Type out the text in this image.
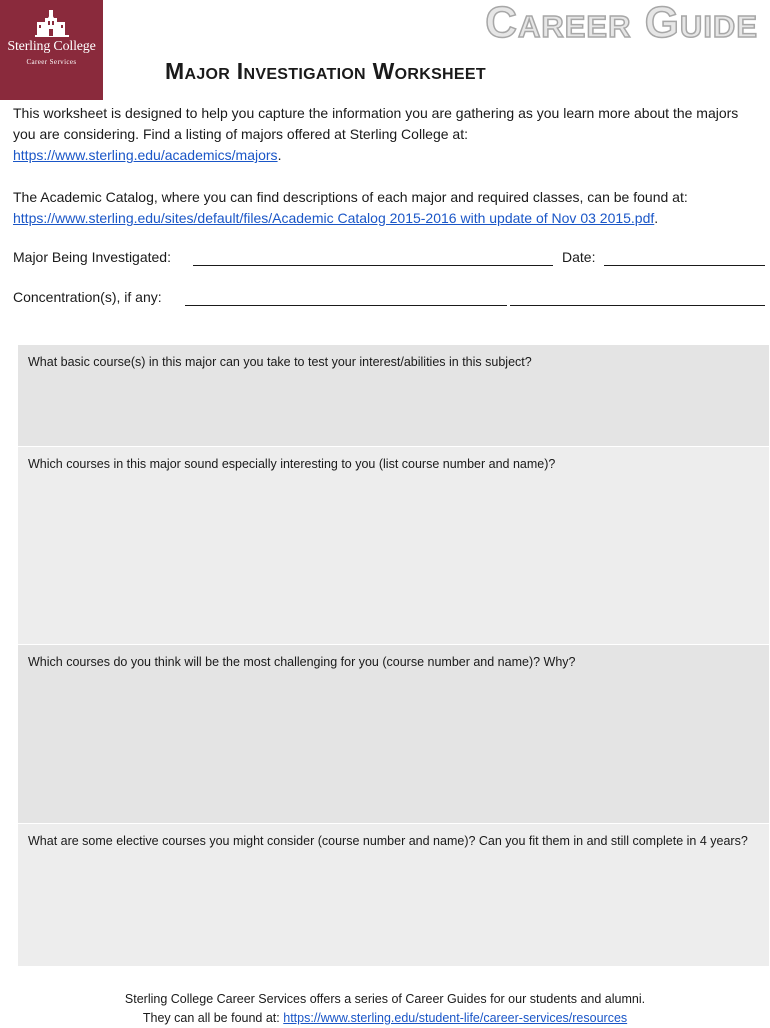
Sterling College
Career Services
Career Guide
Major Investigation Worksheet

This worksheet is designed to help you capture the information you are gathering as you learn more about the majors you are considering. Find a listing of majors offered at Sterling College at:
https://www.sterling.edu/academics/majors.

The Academic Catalog, where you can find descriptions of each major and required classes, can be found at:
https://www.sterling.edu/sites/default/files/Academic Catalog 2015-2016 with update of Nov 03 2015.pdf.

Major Being Investigated:	Date:
Concentration(s), if any:
What basic course(s) in this major can you take to test your interest/abilities in this subject?
Which courses in this major sound especially interesting to you (list course number and name)?
Which courses do you think will be the most challenging for you (course number and name)? Why?
What are some elective courses you might consider (course number and name)? Can you fit them in and still complete in 4 years?
Sterling College Career Services offers a series of Career Guides for our students and alumni.
They can all be found at: https://www.sterling.edu/student-life/career-services/resources
